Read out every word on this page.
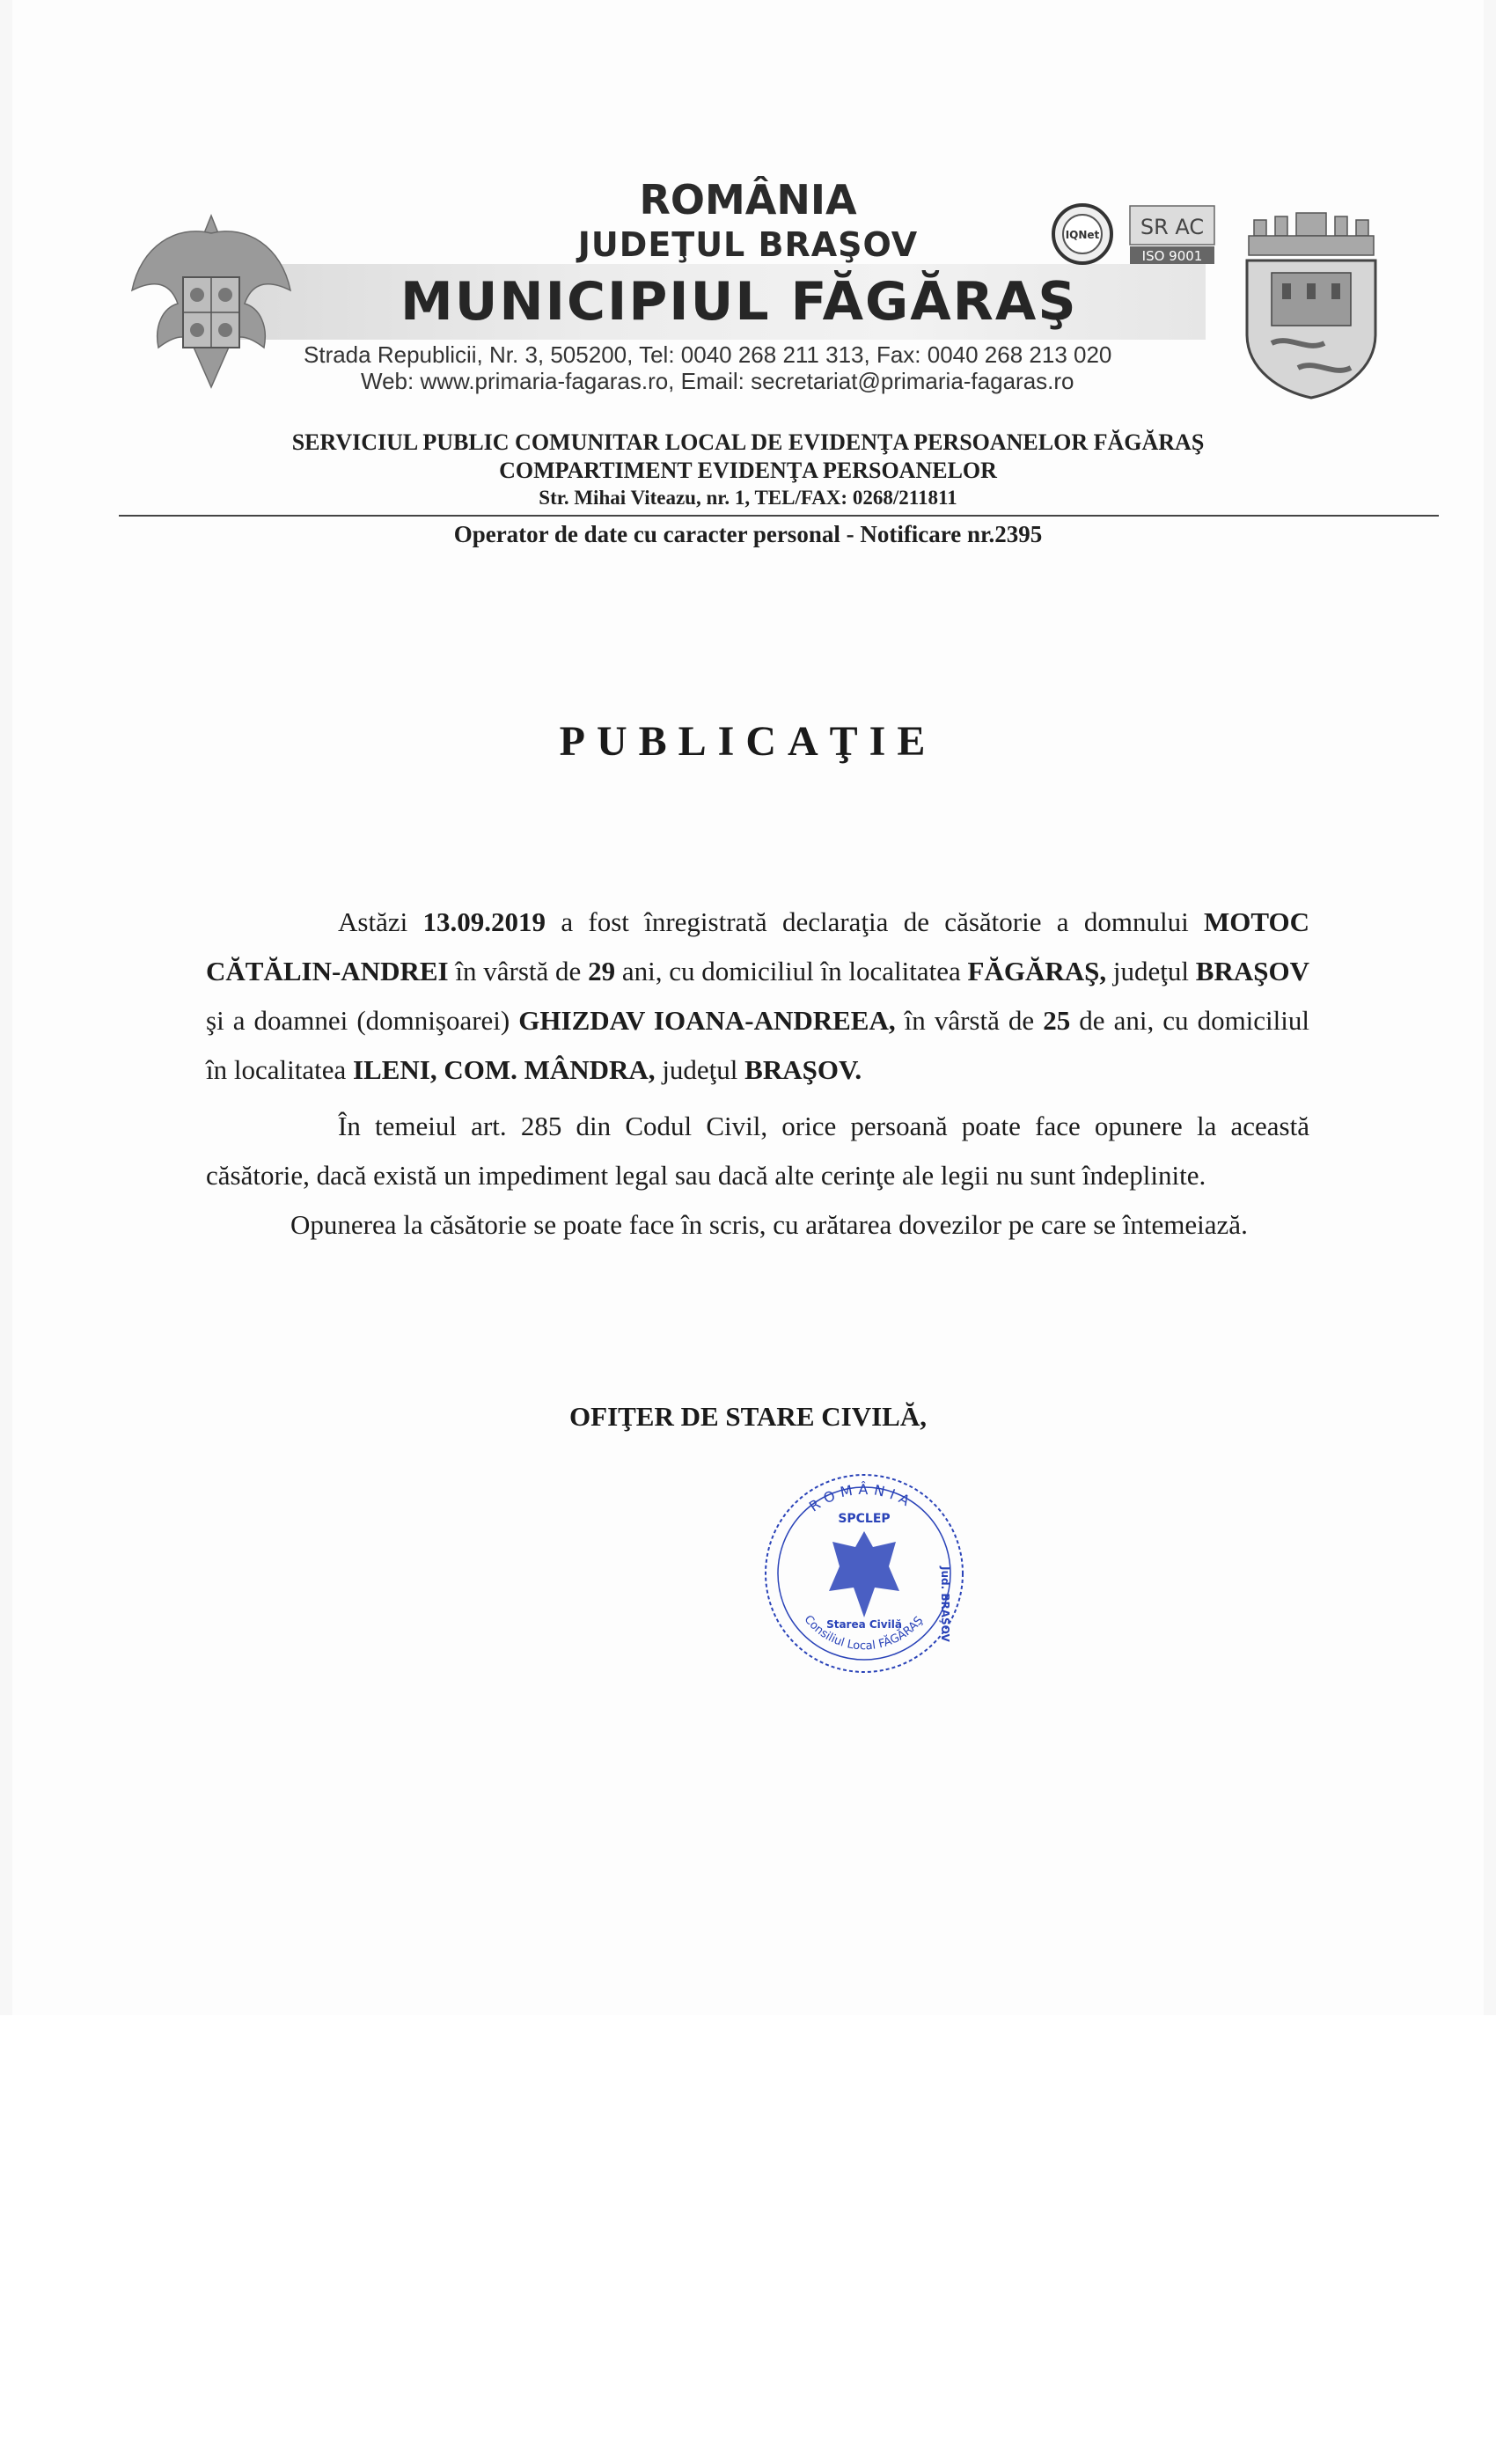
ROMÂNIA
JUDEŢUL BRAŞOV	IQNet SR AC
ISO 9001
MUNICIPIUL FĂGĂRAŞ
Strada Republicii, Nr. 3, 505200, Tel: 0040 268 211 313, Fax: 0040 268 213 020
Web: www.primaria-fagaras.ro, Email: secretariat@primaria-fagaras.ro
SERVICIUL PUBLIC COMUNITAR LOCAL DE EVIDENŢA PERSOANELOR FĂGĂRAŞ
COMPARTIMENT EVIDENŢA PERSOANELOR
Str. Mihai Viteazu, nr. 1, TEL/FAX: 0268/211811
Operator de date cu caracter personal - Notificare nr.2395
PUBLICAŢIE

Astăzi 13.09.2019 a fost înregistrată declaraţia de căsătorie a domnului MOTOC CĂTĂLIN-ANDREI în vârstă de 29 ani, cu domiciliul în localitatea FĂGĂRAŞ, judeţul BRAŞOV şi a doamnei (domnişoarei) GHIZDAV IOANA-ANDREEA, în vârstă de 25 de ani, cu domiciliul în localitatea ILENI, COM. MÂNDRA, judeţul BRAŞOV.

În temeiul art. 285 din Codul Civil, orice persoană poate face opunere la această căsătorie, dacă există un impediment legal sau dacă alte cerinţe ale legii nu sunt îndeplinite.

Opunerea la căsătorie se poate face în scris, cu arătarea dovezilor pe care se întemeiază.

OFIŢER DE STARE CIVILĂ,
ROMÂNIA
SPCLEP
Starea Civilă
Consiliul Local FĂGĂRAŞ Jud. BRAŞOV
